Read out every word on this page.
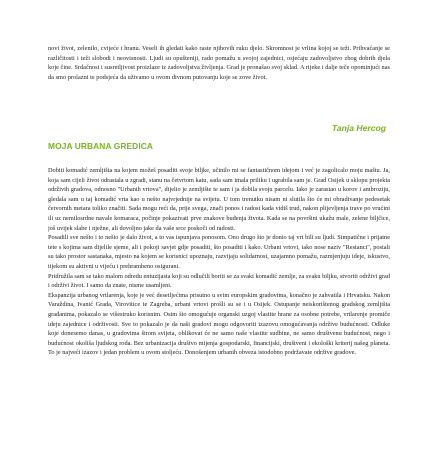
novi život, zelenilo, cvijeće i hranu. Veseli ih gledati kako raste njihovih ruku djelo. Skromnost je vrlina kojoj se teži. Prihvaćanje se različitosti i teži slobodi i neovisnosti. Ljudi su opušteniji, rado pomažu u svojoj zajednici, osjećaju zadovoljstvo zbog dobrih djela koje čine. Srdačnost i susretljivost proizlaze iz zadovoljstva življenja. Grad je pronašao svoj sklad. A rijeke i dalje teče opominjući nas da smo prolazni te podsjeća da uživamo u ovom divnom putovanju koje se zove život.

Tanja Hercog

MOJA URBANA GREDICA

Dobiti komadić zemljišta na kojem možeš posaditi svoje biljke, učinilo mi se fantastičnom idejom i već je zagolicalo moju maštu. Ja, koja sam cijeli život odrastala u zgradi, stanu na četvrtom katu, sada sam imala priliku i ugrabila sam je. Grad Osijek u sklopu projekta održivih gradova, odnosno "Urbanih vrtova", dijelio je zemljište te sam i ja dobila svoju parcelu. Iako je zarastao u korov i ambroziju, gledala sam u taj komadić vrta kao u nešto najvrjednije na svijetu. U tom trenutku nisam ni slutila što će mi obradivanje pedesetak četvornih metara toliko značiti. Sada mogu reći da, prije svega, znači ponos i radost kada vidiš trud, nakon plijevljenja trave po vrućini ili uz nemilosrdne navale komaraca, počinje pokazivati prve znakove buđenja života. Kada se na površini ukažu male, zelene biljčice, još uvijek slabe i nježne, ali dovoljno jake da vaše srce poskoči od radosti.

Posadili sve nešto i to nešto je dalo život, a to vas ispunjava ponosom. Ono drugo što je donio taj vrt bili su ljudi. Simpatične i prijatne tete s kojima sam dijelile sjeme, ali i pokoji savjet gdje posaditi, što posaditi i kako. Urbani vrtovi, iako nose naziv "Restanci", postali su tako prostor sastanaka, mjesto na kojem se korisnici upoznaju, razvijaju solidarnost, uzajamno pomažu, razmjenjuju ideje, iskustvo, tijekom su aktivni u vijeću i prehrambeno osigurani.

Pridružila sam se tako malom odredu entuzijasta koji su odlučili boriti se za svaki komadić zemlje, za svaku biljku, stvoriti održivi grad i održivi život. I samo da znate, nisme usamljeni.

Ekspanzija urbanog vrtlarenja, koje je već desetljećima prisutno u svim europskim gradovima, konačno je zahvatila i Hrvatsku. Nakon Varaždina, Ivanić Grada, Virovitice te Zagreba, urbani vrtovi prošli su se i u Osijek. Ostupanje neiskorištenog gradskog zemljišta građanima, pokazalo se višestruko korisnim. Osim što omogućuje organski uzgoj vlastite hrane za osobne potrebe, vrtlarenje promiče ideju zajednice i održivosti. Sve to pokazalo je da naši gradovi mogu odgovoriti izazovu omogućavanja održive budućnosti. Odluke koje donesemo danas, u gradovima širom svijeta, oblikovat će ne samo naše vlastite sudbine, ne samo društvenu budućnost, nego i budućnost okoliša ljudskog roda. Bez urbanizacija društvo mijenja gospodarski, financijski, društveni i ekološki kriterij našeg planeta. To je najveći izazov i jedan problem u ovom stoljeću. Donošenjem urbanih obveza istodobno podržavate održive gradove.
